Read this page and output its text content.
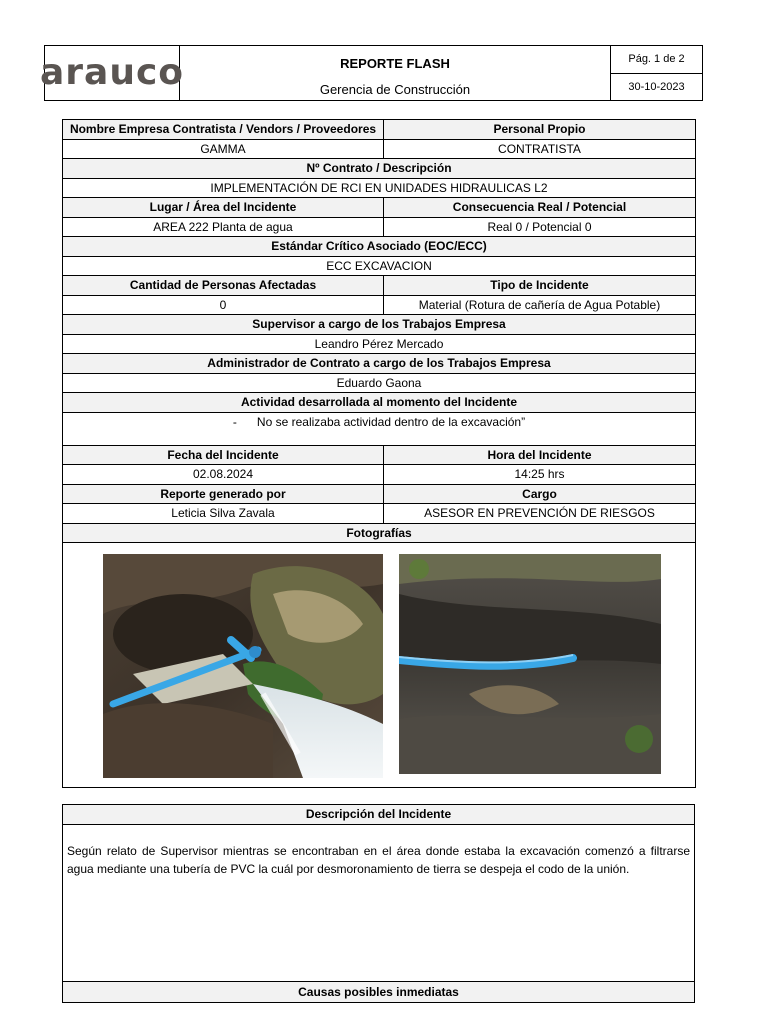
arauco	REPORTE FLASH
Gerencia de Construcción
Pág. 1 de 2
30-10-2023
Nombre Empresa Contratista / Vendors / Proveedores	Personal Propio
GAMMA	CONTRATISTA
Nº Contrato / Descripción	
IMPLEMENTACIÓN DE RCI EN UNIDADES HIDRAULICAS L2	
Lugar / Área del Incidente	Consecuencia Real / Potencial
AREA 222 Planta de agua	Real 0 / Potencial 0
Estándar Crítico Asociado (EOC/ECC)	
ECC EXCAVACION	
Cantidad de Personas Afectadas	Tipo de Incidente
0	Material (Rotura de cañería de Agua Potable)
Supervisor a cargo de los Trabajos Empresa	
Leandro Pérez Mercado	
Administrador de Contrato a cargo de los Trabajos Empresa	
Eduardo Gaona	
Actividad desarrollada al momento del Incidente	
-      No se realizaba actividad dentro de la excavación”	
Fecha del Incidente	Hora del Incidente
02.08.2024	14:25 hrs
Reporte generado por	Cargo
Leticia Silva Zavala	ASESOR EN PREVENCIÓN DE RIESGOS
Fotografías	

Descripción del Incidente
Según relato de Supervisor mientras se encontraban en el área donde estaba la excavación comenzó a filtrarse agua mediante una tubería de PVC la cuál por desmoronamiento de tierra se despeja el codo de la unión.
Causas posibles inmediatas
